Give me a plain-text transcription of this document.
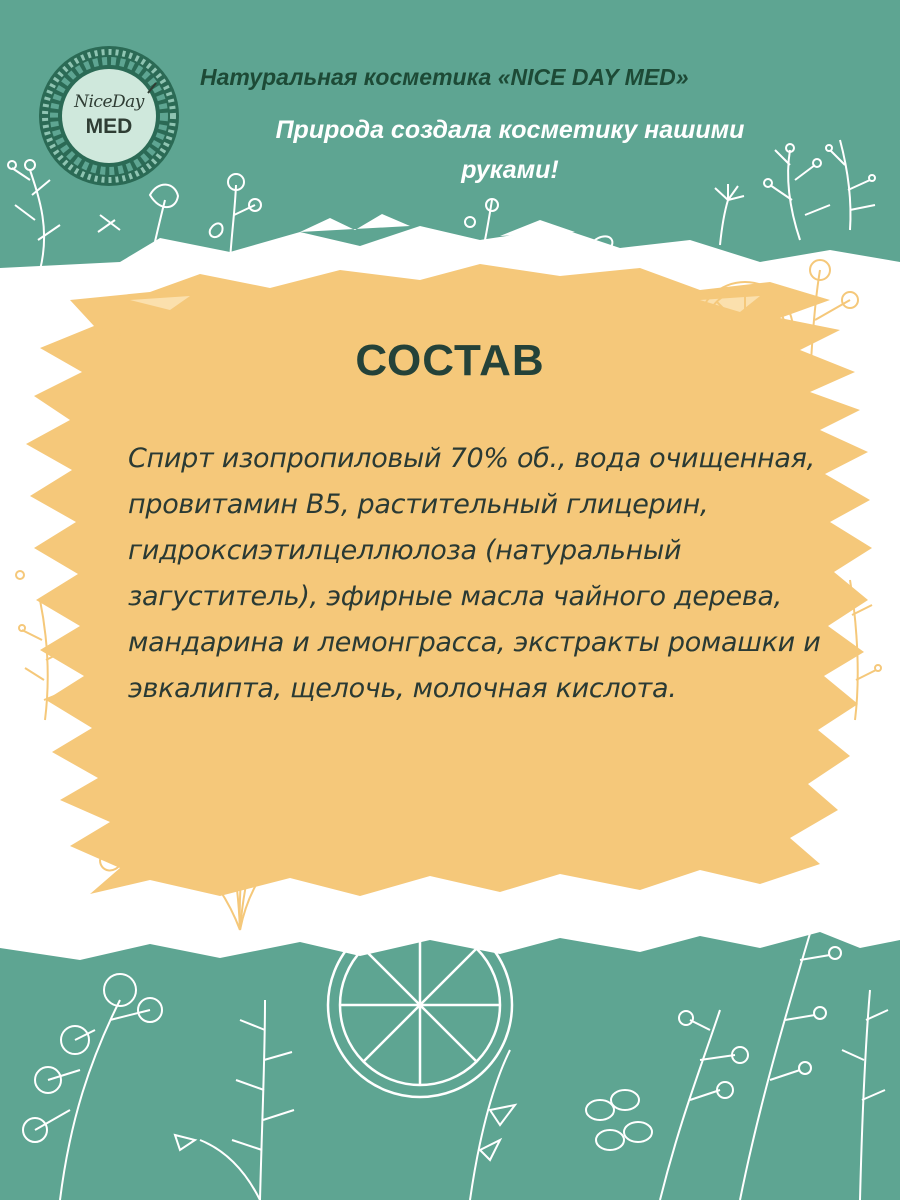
NiceDay
MED
Натуральная косметика «NICE DAY MED»
Природа создала косметику нашими руками!
СОСТАВ
Спирт изопропиловый 70% об., вода очищенная, провитамин В5, растительный глицерин, гидроксиэтилцеллюлоза (натуральный загуститель), эфирные масла чайного дерева, мандарина и лемонграсса, экстракты ромашки и эвкалипта, щелочь, молочная кислота.
